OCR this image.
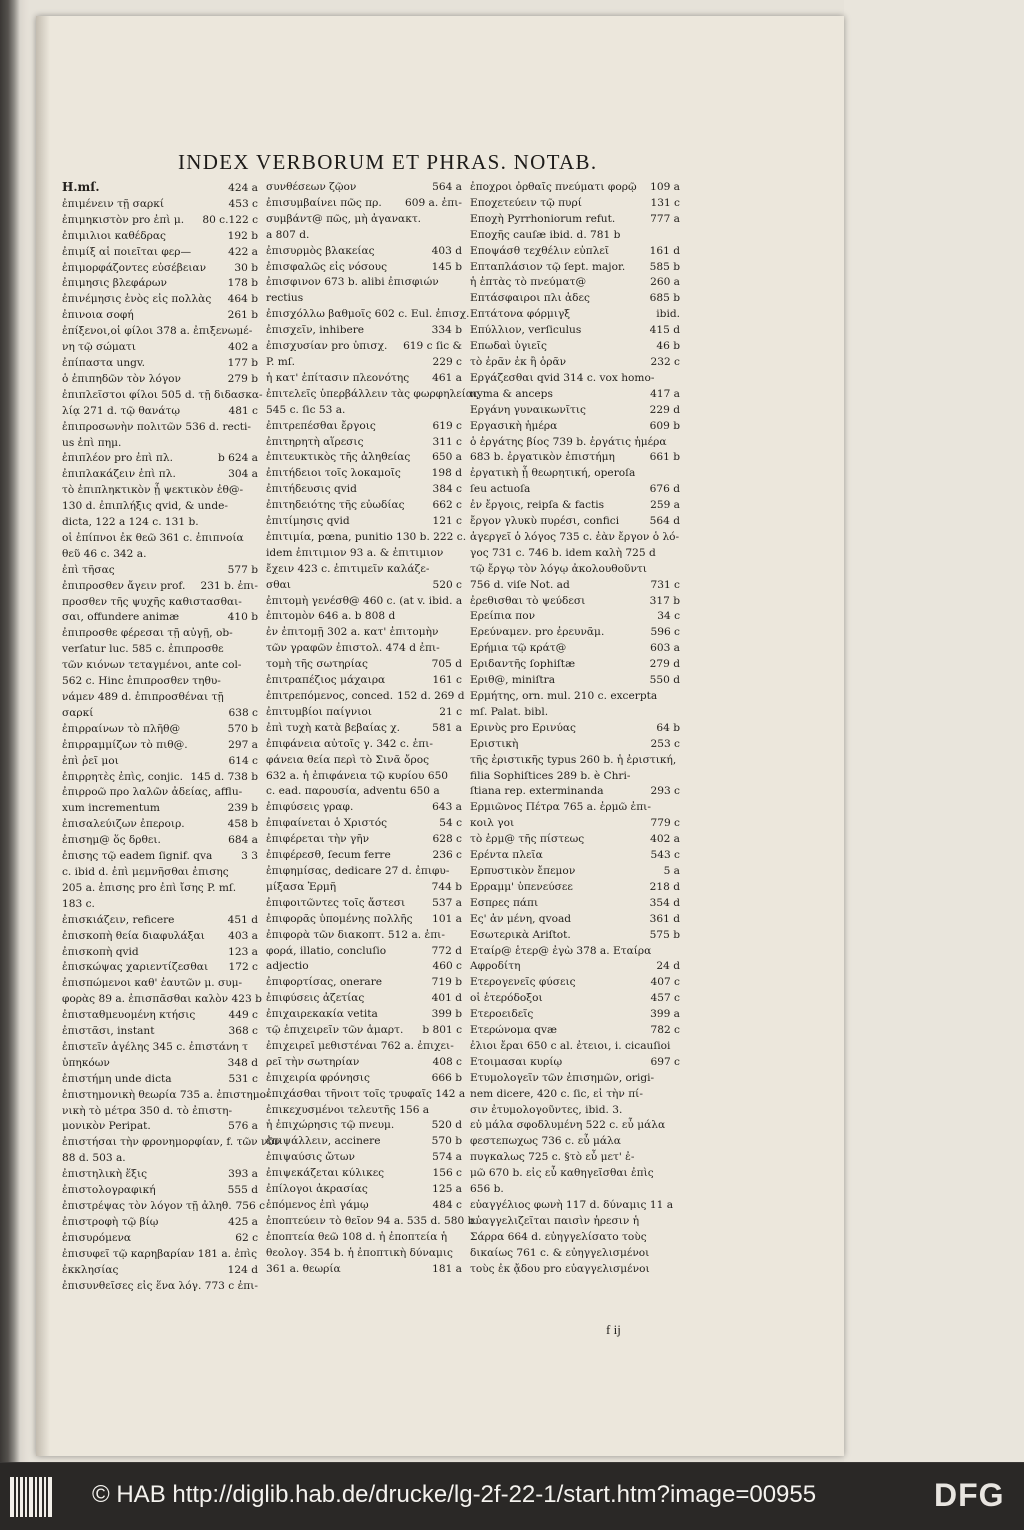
INDEX VERBORUM ET PHRAS. NOTAB.
H.mſ.	424 a
ἐπιμένειν τῇ σαρκί	453 c
ἐπιμηκιστὸν pro ἐπὶ μ. 80 c.122 c
ἐπιμιλιοι καθέδρας	192 b
ἐπιμίξ αἱ ποιεῖται φερ—	422 a
ἐπιμορφάζοντες εὐσέβειαν	30 b
ἐπιμησις βλεφάρων	178 b
ἐπινέμησις ἑνὸς εἰς πολλὰς 464 b
ἐπινοια σοφή	261 b
ἐπίξενοι,οἱ φίλοι 378 a. ἐπιξενωμέ-
νη τῷ σώματι	402 a
ἐπίπαστα ungv.	177 b
ὁ ἐπιπηδῶν τὸν λόγον	279 b
ἐπιπλεῖστοι φίλοι 505 d. τῇ διδασκα-
λίᾳ 271 d. τῷ θανάτῳ	481 c
ἐπιπροσωνὴν πολιτῶν 536 d. recti-
us ἐπὶ πημ.
ἐπιπλέον pro ἐπὶ πλ.	b 624 a
ἐπιπλακάζειν ἐπὶ πλ.	304 a
τὸ ἐπιπληκτικὸν ᾗ ψεκτικὸν ἐθ@-
130 d. ἐπιπλήξις qvid, & unde-
dicta, 122 a 124 c. 131 b.
οἱ ἐπίπνοι ἐκ θεῶ 361 c. ἐπιπνοία
θεῦ 46 c. 342 a.
ἐπὶ τῆσας	577 b
ἐπιπροσθεν ἄγειν prof. 231 b. ἐπι-
προσθεν τῆς ψυχῆς καθιστασθαι-
σαι, offundere animæ	410 b
ἐπιπροσθε φέρεσαι τῇ αὐγῇ, ob-
verſatur luc. 585 c. ἐπιπροσθε
τῶν κιόνων τεταγμένοι, ante col-
562 c. Hinc ἐπιπροσθεν τηθυ-
νάμεν 489 d. ἐπιπροσθέναι τῇ
σαρκί	638 c
ἐπιρραίνων τὸ πλῆθ@	570 b
ἐπιρραμμίζων τὸ πιθ@.	297 a
ἐπὶ ῥεῖ μοι	614 c
ἐπιρρητὲς ἐπὶς, conjic. 145 d. 738 b
ἐπιρροῶ προ λαλῶν ἀδείας, afflu-
xum incrementum	239 b
ἐπισαλεύιζων ἐπεροιρ.	458 b
ἐπισημ@ ὅς δρθει.	684 a
ἐπισης τῷ eadem ſignif. qva	3 3
c. ibid d. ἐπὶ μεμνῆσθαι ἐπισης
205 a. ἐπισης pro ἐπὶ ἴσης P. mſ.
183 c.
ἐπισκιάζειν, reficere	451 d
ἐπισκοπὴ θεία διαφυλάξαι 403 a
ἐπισκοπὴ qvid	123 a
ἐπισκώψας χαριεντίζεσθαι 172 c
ἐπισπώμενοι καθ' ἑαυτῶν μ. συμ-
φορὰς 89 a. ἐπισπᾶσθαι καλὸν 423 b
ἐπισταθμευομένη κτήσις	449 c
ἐπιστᾶσι, instant	368 c
ἐπιστεῖν ἀγέλης 345 c. ἐπιστάνη τ
ὑπηκόων	348 d
ἐπιστήμη unde dicta	531 c
ἐπιστημονικὴ θεωρία 735 a. ἐπιστημο-
νικὴ τὸ μέτρα 350 d. τὸ ἐπιστη-
μονικὸν Peripat.	576 a
ἐπιστήσαι τὴν φρονημορφίαν, f. τῶν νῦν
88 d. 503 a.
ἐπιστηλικὴ ἕξις	393 a
ἐπιστολογραφική	555 d
ἐπιστρέψας τὸν λόγον τῇ ἀληθ. 756 c
ἐπιστροφὴ τῷ βίῳ	425 a
ἐπισυρόμενα	62 c
ἐπισυφεῖ τῷ καρηβαρίαν 181 a. ἐπὶς
ἐκκλησίας	124 d
ἐπισυνθεῖσες εἰς ἕνα λόγ. 773 c ἐπι-
συνθέσεων ζῷον	564 a
ἐπισυμβαίνει πῶς πρ. 609 a. ἐπι-
συμβάντ@ πῶς, μὴ ἀγανακτ.
a 807 d.
ἐπισυρμὸς βλακείας	403 d
ἐπισφαλῶς εἰς νόσους	145 b
ἐπισφινον 673 b. alibi ἐπισφιών
rectius
ἐπισχόλλω βαθμοῖς 602 c. Eul. ἐπισχ.
ἐπισχεῖν, inhibere	334 b
ἐπισχυσίαν pro ὑπισχ. 619 c ſic &
P. mſ.	229 c
ἡ κατ' ἐπίτασιν πλεονότης 461 a
ἐπιτελεῖς ὑπερβάλλειν τὰς φωρφηλείας
545 c. ſic 53 a.
ἐπιτρεπέσθαι ἔργοις	619 c
ἐπιτηρητὴ αἵρεσις	311 c
ἐπιτευκτικὸς τῆς ἀληθείας 650 a
ἐπιτήδειοι τοῖς λοκαμοῖς	198 d
ἐπιτήδευσις qvid	384 c
ἐπιτηδειότης τῆς εὐωδίας	662 c
ἐπιτίμησις qvid	121 c
ἐπιτιμία, pœna, punitio 130 b. 222 c.
idem ἐπιτιμιον 93 a. & ἐπιτιμιον
ἔχειν 423 c. ἐπιτιμεῖν καλάζε-
σθαι	520 c
ἐπιτομὴ γενέσθ@ 460 c. (at v. ibid. a
ἐπιτομὸν 646 a. b 808 d
ἐν ἐπιτομῇ 302 a. κατ' ἐπιτομὴν
τῶν γραφῶν ἐπιστολ. 474 d ἐπι-
τομὴ τῆς σωτηρίας	705 d
ἐπιτραπέζιος μάχαιρα	161 c
ἐπιτρεπόμενος, conced. 152 d. 269 d
ἐπιτυμβίοι παίγνιοι	21 c
ἐπὶ τυχὴ κατὰ βεβαίας χ.	581 a
ἐπιφάνεια αὐτοῖς γ. 342 c. ἐπι-
φάνεια θεία περὶ τὸ Σινᾶ ὄρος
632 a. ἡ ἐπιφάνεια τῷ κυρίου 650
c. ead. παρουσία, adventu 650 a
ἐπιφύσεις γραφ.	643 a
ἐπιφαίνεται ὁ Χριστός	54 c
ἐπιφέρεται τὴν γῆν	628 c
ἐπιφέρεσθ, ſecum ferre	236 c
ἐπιφημίσας, dedicare 27 d. ἐπιφυ-
μίξασα Ἑρμῆ	744 b
ἐπιφοιτῶντες τοῖς ἄστεσι	537 a
ἐπιφορᾶς ὑπομένης πολλῆς 101 a
ἐπιφορὰ τῶν διακοπτ. 512 a. ἐπι-
φορά, illatio, concluſio	772 d
adjectio	460 c
ἐπιφορτίσας, onerare	719 b
ἐπιφύσεις ἀζετίας	401 d
ἐπιχαιρεκακία vetita	399 b
τῷ ἐπιχειρεῖν τῶν ἁμαρτ. b 801 c
ἐπιχειρεῖ μεθιστέναι 762 a. ἐπιχει-
ρεῖ τὴν σωτηρίαν	408 c
ἐπιχειρία φρόνησις	666 b
ἐπιχάσθαι τῆνοιτ τοῖς τρυφαῖς 142 a
ἐπικεχυσμένοι τελευτῆς 156 a
ἡ ἐπιχώρησις τῷ πνευμ.	520 d
ἐπιψάλλειν, accinere	570 b
ἐπιψαύσις ὤτων	574 a
ἐπιψεκάζεται κύλικες	156 c
ἐπίλογοι ἀκρασίας	125 a
ἑπόμενος ἐπὶ γάμῳ	484 c
ἐποπτεύειν τὸ θεῖον 94 a. 535 d. 580 b.
ἐποπτεία θεῶ 108 d. ἡ ἐποπτεία ἡ
θεολογ. 354 b. ἡ ἐποπτικὴ δύναμις
361 a. θεωρία	181 a
ἐποχροι ὀρθαῖς πνεύματι φορῷ 109 a
Εποχετεύειν τῷ πυρί	131 c
Εποχὴ Pyrrhoniorum refut.	777 a
Εποχῆς cauſæ ibid. d. 781 b
Εποψάσθ τεχθέλιν εὐπλεῖ	161 d
Επταπλάσιον τῷ ſept. major. 585 b
ἡ ἑπτὰς τὸ πνεύματ@	260 a
Επτάσφαιροι πλι ἀδες	685 b
Επτάτονα φόρμιγξ	ibid.
Επύλλιον, verſiculus	415 d
Επωδαὶ ὑγιεῖς	46 b
τὸ ἐρᾶν ἐκ ἢ ὁρᾶν	232 c
Εργάζεσθαι qvid 314 c. vox homo-
nyma & anceps	417 a
Εργάνη γυναικωνῖτις	229 d
Εργασικὴ ἡμέρα	609 b
ὁ ἐργάτης βίος 739 b. ἐργάτις ἡμέρα
683 b. ἐργατικὸν ἐπιστήμη	661 b
ἐργατικὴ ᾗ θεωρητική, operoſa
ſeu actuoſa	676 d
ἐν ἔργοις, reipſa & factis	259 a
ἔργον γλυκὺ πυρέσι, confici	564 d
ἀγεργεῖ ὁ λόγος 735 c. ἐὰν ἔργον ὁ λό-
γος 731 c. 746 b. idem καλὴ 725 d
τῷ ἔργῳ τὸν λόγῳ ἀκολουθοῦντι
756 d. viſe Not. ad	731 c
ἐρεθισθαι τὸ ψεύδεσι	317 b
Ερείπια πον	34 c
Ερεύναμεν. pro ἐρευνᾶμ.	596 c
Ερήμια τῷ κράτ@	603 a
Εριδαντῆς ſophiſtæ	279 d
Εριθ@, miniſtra	550 d
Ερμήτης, orn. mul. 210 c. excerpta
mſ. Palat. bibl.
Ερινὺς pro Ερινύας	64 b
Εριστικὴ	253 c
τῆς ἐριστικῆς typus 260 b. ἡ ἐριστική,
filia Sophiſtices 289 b. è Chri-
ſtiana rep. exterminanda	293 c
Ερμιῶνος Πέτρα 765 a. ἑρμῶ ἐπι-
κοιλ γοι	779 c
τὸ ἑρμ@ τῆς πίστεως	402 a
Ερέντα πλεῖα	543 c
Ερπυστικὸν ἔπεμον	5 a
Ερραμμ' ὑπενεύσεε	218 d
Εσπρες πάπι	354 d
Ες' ἀν μένη, qvoad	361 d
Εσωτερικὰ Ariſtot.	575 b
Εταίρ@ ἑτερ@ ἐγὼ 378 a. Εταίρα
Αφροδίτη	24 d
Ετερογενεῖς φύσεις	407 c
οἱ ἑτερόδοξοι	457 c
Ετεροειδεῖς	399 a
Ετερώνομα qvæ	782 c
ἐλιοι ἔραι 650 c al. ἐτειοι, i. cicauſioi
Ετοιμασαι κυρίῳ	697 c
Ετυμολογεῖν τῶν ἐπισημῶν, origi-
nem dicere, 420 c. ſic, εἰ τὴν πί-
σιν ἐτυμολογοῦντες, ibid. 3.
εὐ μάλα σφοδλυμένη 522 c. εὖ μάλα
φεστεπωχως 736 c. εὖ μάλα
πυγκαλως 725 c. §τὸ εὖ μετ' ἐ-
μῶ 670 b. εἰς εὖ καθηγεῖσθαι ἐπὶς
656 b.
εὐαγγέλιος φωνὴ 117 d. δύναμις 11 a
εὐαγγελιζεῖται παισὶν ἡρεσιν ἡ
Σάρρα 664 d. εὐηγγελίσατο τοὺς
δικαίως 761 c. & εὐηγγελισμένοι
τοὺς ἐκ ᾄδου pro εὐαγγελισμένοι
f ij
© HAB http://diglib.hab.de/drucke/lg-2f-22-1/start.htm?image=00955	DFG
